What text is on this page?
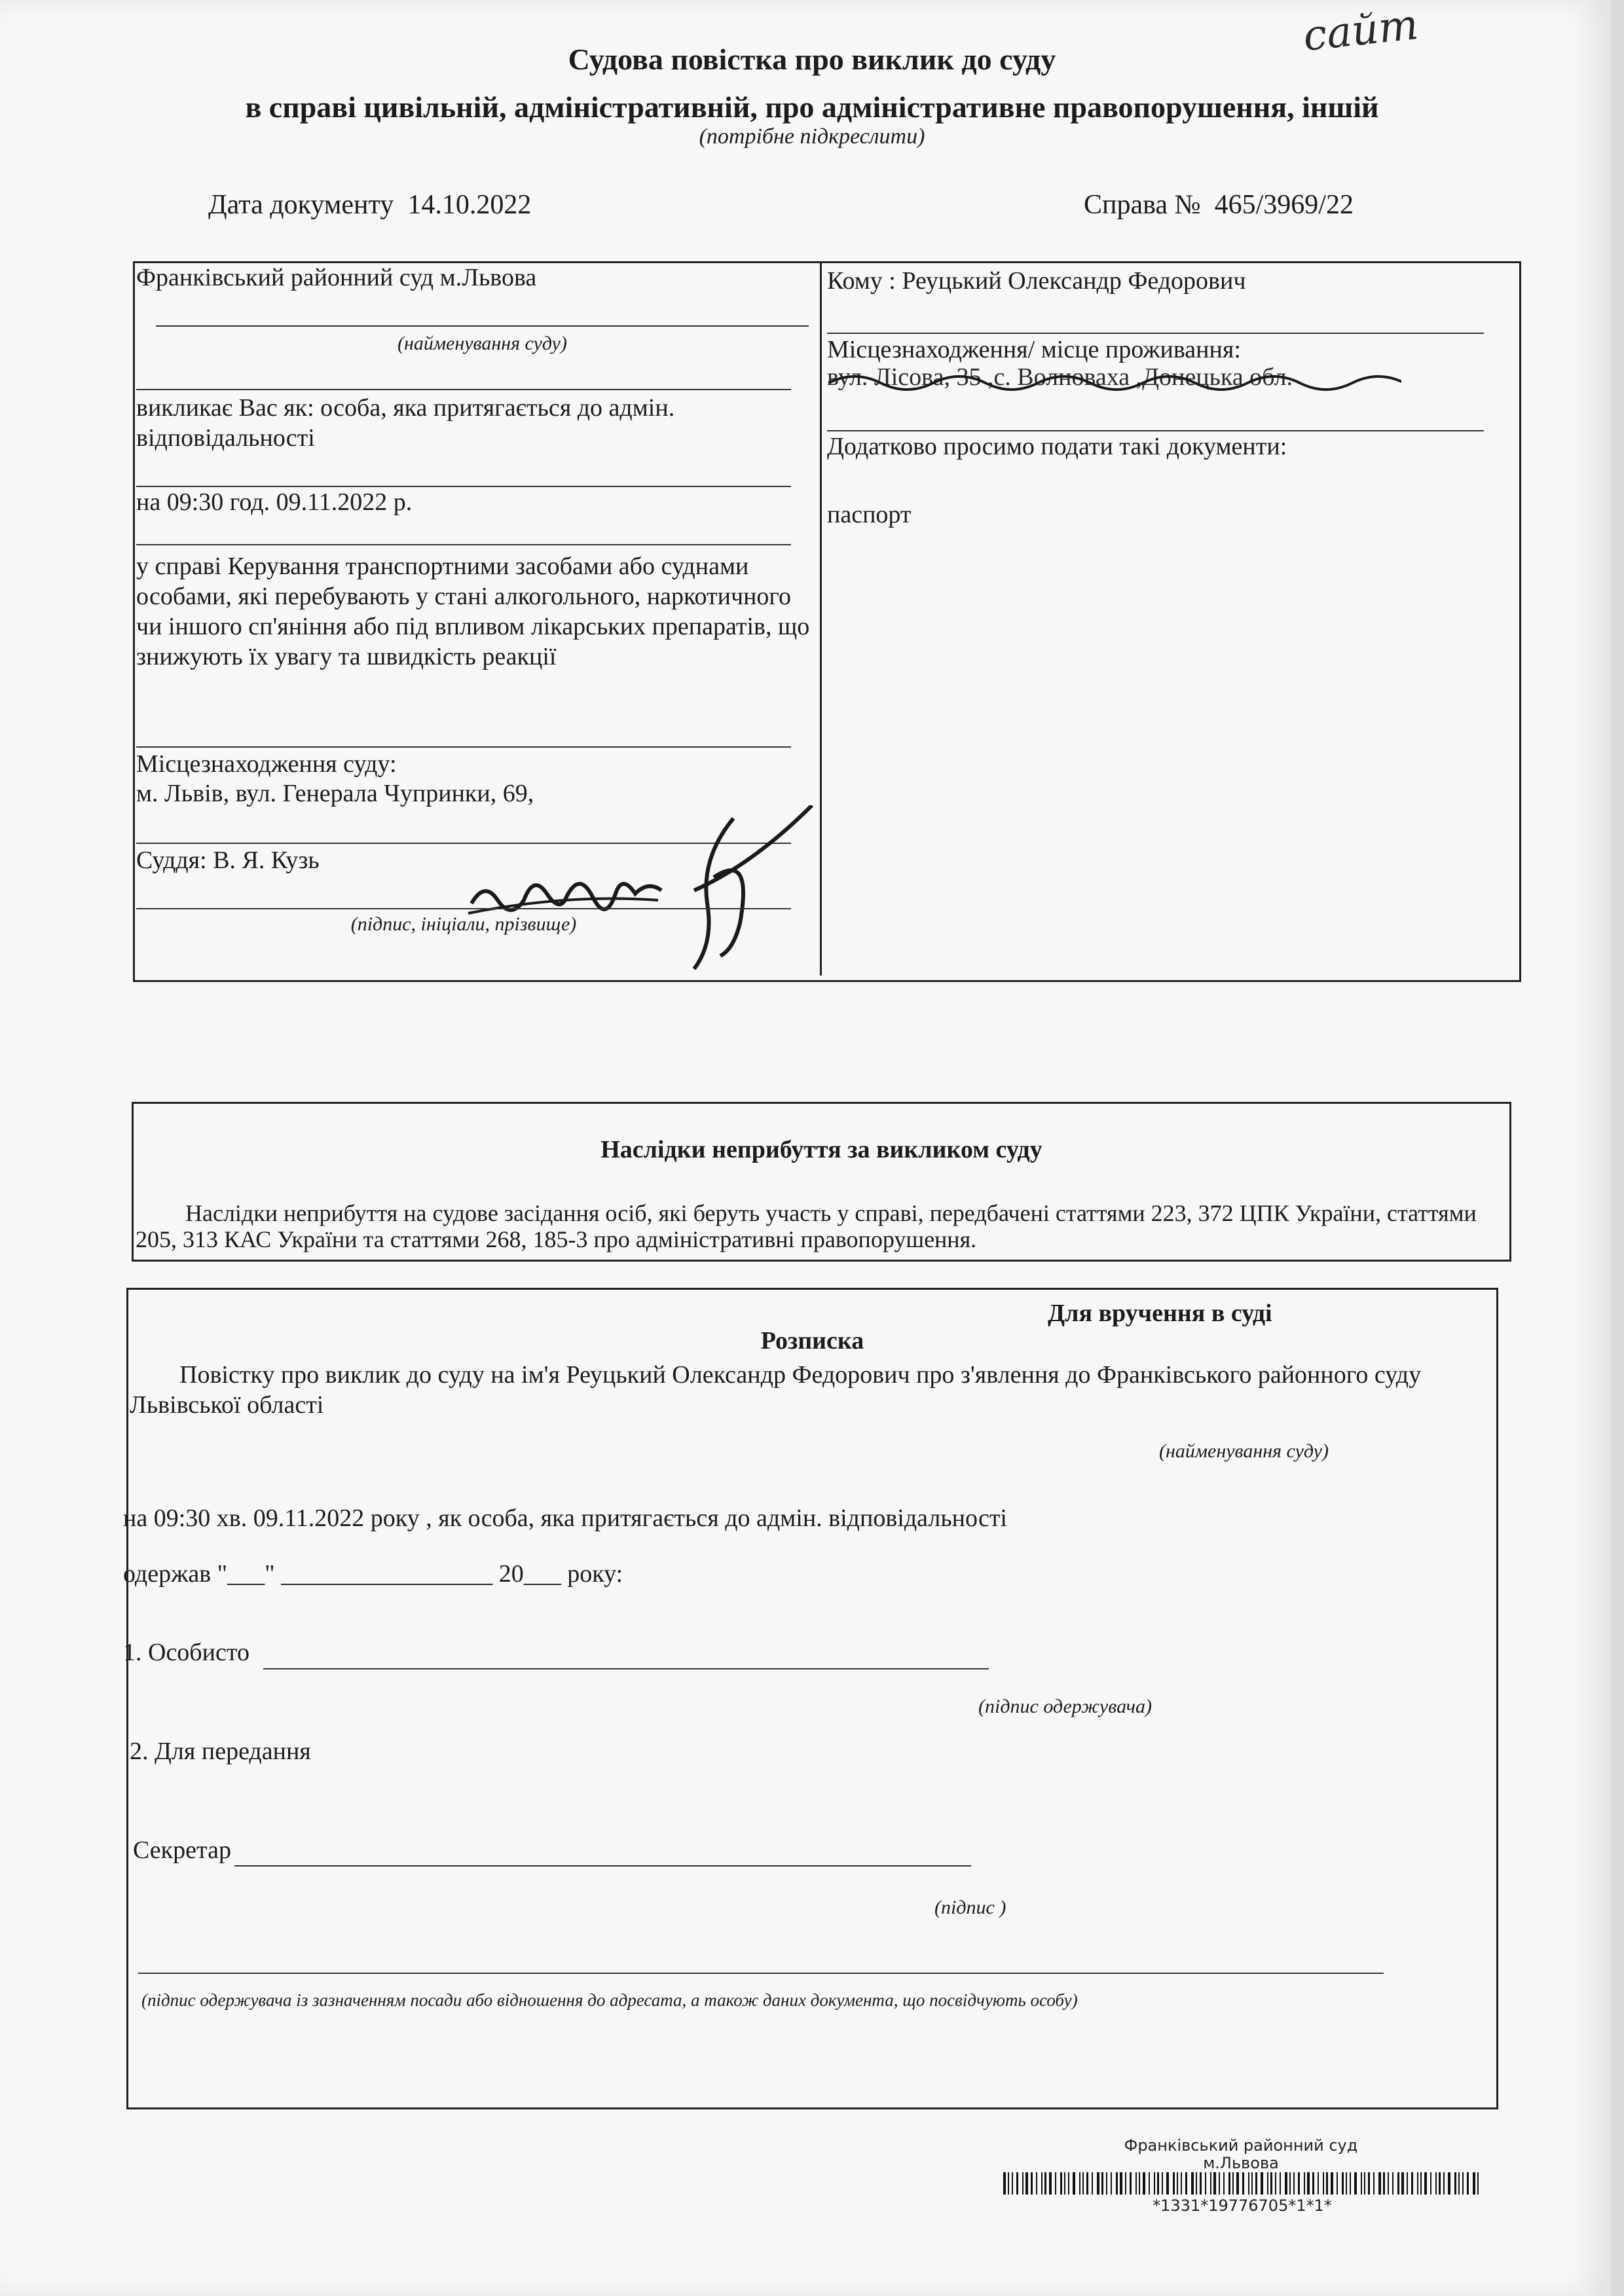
сайт
Судова повістка про виклик до суду
в справі цивільній, адміністративній, про адміністративне правопорушення, іншій
(потрібне підкреслити)
Дата документу 14.10.2022	Справа № 465/3969/22
Франківський районний суд м.Львова
(найменування суду)
викликає Вас як: особа, яка притягається до адмін. відповідальності
на 09:30 год. 09.11.2022 р.
у справі Керування транспортними засобами або суднами особами, які перебувають у стані алкогольного, наркотичного чи іншого сп'яніння або під впливом лікарських препаратів, що знижують їх увагу та швидкість реакції
Місцезнаходження суду:
м. Львів, вул. Генерала Чупринки, 69,
Суддя: В. Я. Кузь
(підпис, ініціали, прізвище)
Кому : Реуцький Олександр Федорович
Місцезнаходження/ місце проживання:
вул. Лісова, 35 ,с. Волноваха ,Донецька обл.
Додатково просимо подати такі документи:
паспорт
Наслідки неприбуття за викликом суду
Наслідки неприбуття на судове засідання осіб, які беруть участь у справі, передбачені статтями 223, 372 ЦПК України, статтями 205, 313 КАС України та статтями 268, 185-3 про адміністративні правопорушення.
Для вручення в суді
Розписка
Повістку про виклик до суду на ім'я Реуцький Олександр Федорович про з'явлення до Франківського районного суду Львівської області
(найменування суду)
на 09:30 хв. 09.11.2022 року , як особа, яка притягається до адмін. відповідальності
одержав "___" _________________ 20___ року:
1. Особисто
(підпис одержувача)
2. Для передання
Секретар
(підпис )
(підпис одержувача із зазначенням посади або відношення до адресата, а також даних документа, що посвідчують особу)
Франківський районний суд
м.Львова
*1331*19776705*1*1*
